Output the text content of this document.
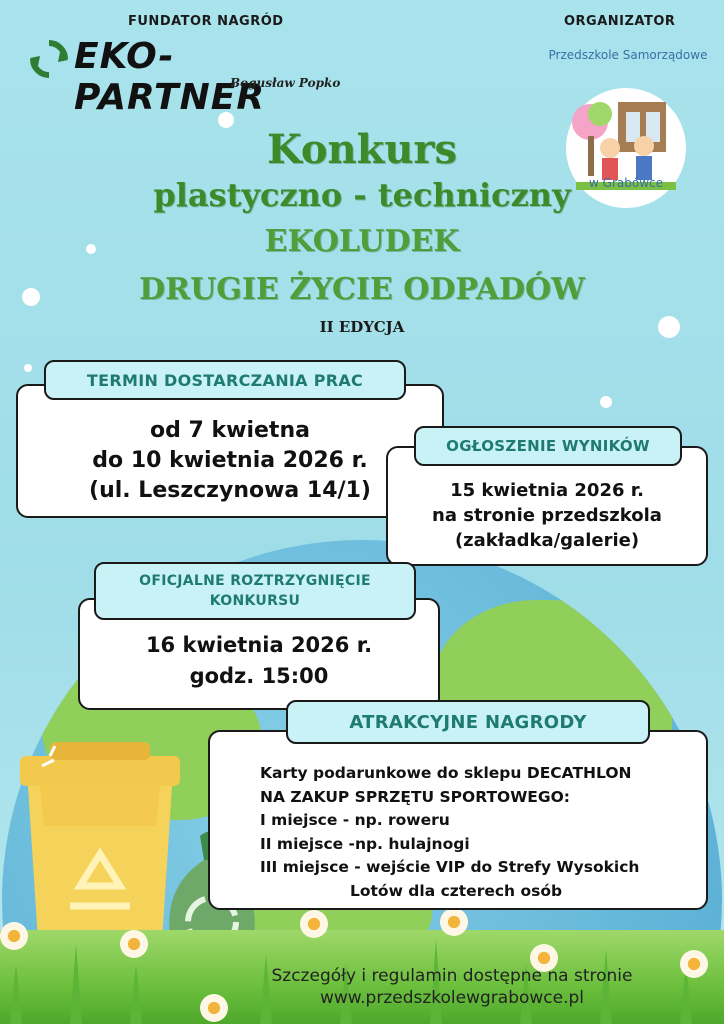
FUNDATOR NAGRÓD
EKO-PARTNER
Bogusław Popko
ORGANIZATOR
Przedszkole Samorządowe
w Grabówce
Konkurs
plastyczno - techniczny
EKOLUDEK
DRUGIE ŻYCIE ODPADÓW
II EDYCJA
od 7 kwietna
do 10 kwietnia 2026 r.
(ul. Leszczynowa 14/1)
TERMIN DOSTARCZANIA PRAC
15 kwietnia 2026 r.
na stronie przedszkola
(zakładka/galerie)
OGŁOSZENIE WYNIKÓW
16 kwietnia 2026 r.
godz. 15:00
OFICJALNE ROZTRZYGNIĘCIE
KONKURSU
Karty podarunkowe do sklepu DECATHLON
NA ZAKUP SPRZĘTU SPORTOWEGO:
I miejsce - np. roweru
II miejsce -np. hulajnogi
III miejsce - wejście VIP do Strefy Wysokich
Lotów dla czterech osób
ATRAKCYJNE NAGRODY
Szczegóły i regulamin dostępne na stronie
www.przedszkolewgrabowce.pl
